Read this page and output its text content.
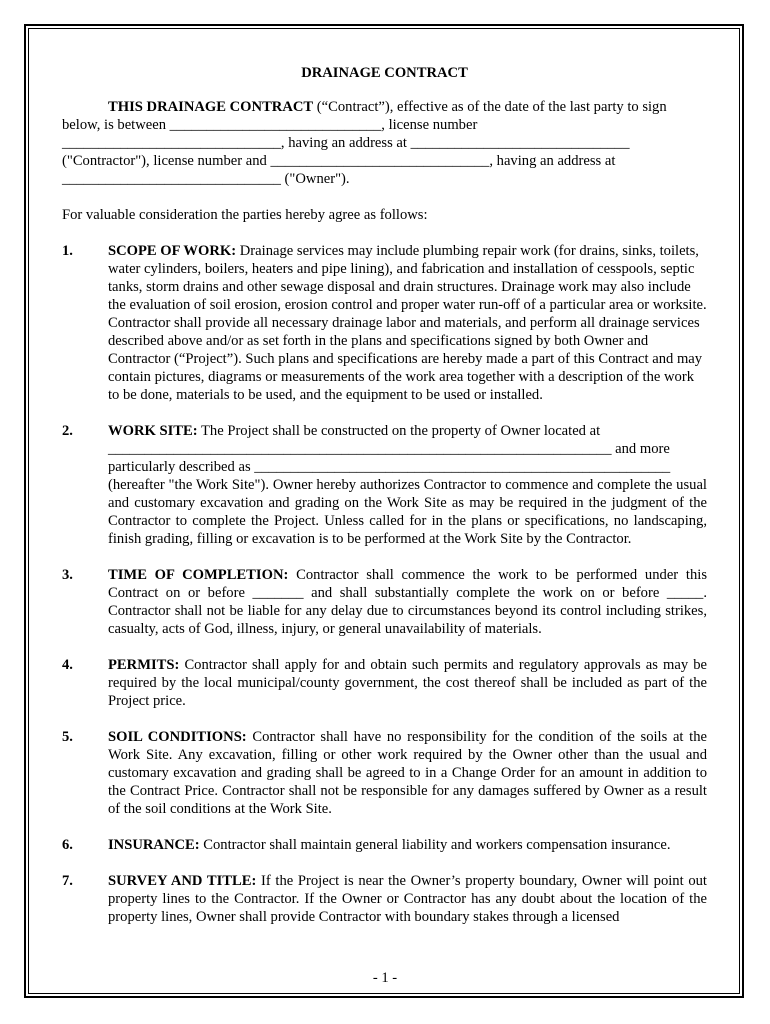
DRAINAGE CONTRACT

THIS DRAINAGE CONTRACT (“Contract”), effective as of the date of the last party to sign

below, is between _____________________________, license number

______________________________, having an address at ______________________________

("Contractor"), license number and ______________________________, having an address at

______________________________ ("Owner").

For valuable consideration the parties hereby agree as follows:

1.	SCOPE OF WORK: Drainage services may include plumbing repair work (for drains, sinks, toilets, water cylinders, boilers, heaters and pipe lining), and fabrication and installation of cesspools, septic tanks, storm drains and other sewage disposal and drain structures. Drainage work may also include the evaluation of soil erosion, erosion control and proper water run-off of a particular area or worksite. Contractor shall provide all necessary drainage labor and materials, and perform all drainage services described above and/or as set forth in the plans and specifications signed by both Owner and Contractor (“Project”). Such plans and specifications are hereby made a part of this Contract and may contain pictures, diagrams or measurements of the work area together with a description of the work to be done, materials to be used, and the equipment to be used or installed.
2.	WORK SITE: The Project shall be constructed on the property of Owner located at

_____________________________________________________________________ and more

particularly described as _________________________________________________________

(hereafter "the Work Site"). Owner hereby authorizes Contractor to commence and complete the usual and customary excavation and grading on the Work Site as may be required in the judgment of the Contractor to complete the Project. Unless called for in the plans or specifications, no landscaping, finish grading, filling or excavation is to be performed at the Work Site by the Contractor.

3.	TIME OF COMPLETION: Contractor shall commence the work to be performed under this Contract on or before _______ and shall substantially complete the work on or before _____. Contractor shall not be liable for any delay due to circumstances beyond its control including strikes, casualty, acts of God, illness, injury, or general unavailability of materials.
4.	PERMITS: Contractor shall apply for and obtain such permits and regulatory approvals as may be required by the local municipal/county government, the cost thereof shall be included as part of the Project price.
5.	SOIL CONDITIONS: Contractor shall have no responsibility for the condition of the soils at the Work Site. Any excavation, filling or other work required by the Owner other than the usual and customary excavation and grading shall be agreed to in a Change Order for an amount in addition to the Contract Price. Contractor shall not be responsible for any damages suffered by Owner as a result of the soil conditions at the Work Site.
6.	INSURANCE: Contractor shall maintain general liability and workers compensation insurance.
7.	SURVEY AND TITLE: If the Project is near the Owner’s property boundary, Owner will point out property lines to the Contractor. If the Owner or Contractor has any doubt about the location of the property lines, Owner shall provide Contractor with boundary stakes through a licensed
- 1 -
